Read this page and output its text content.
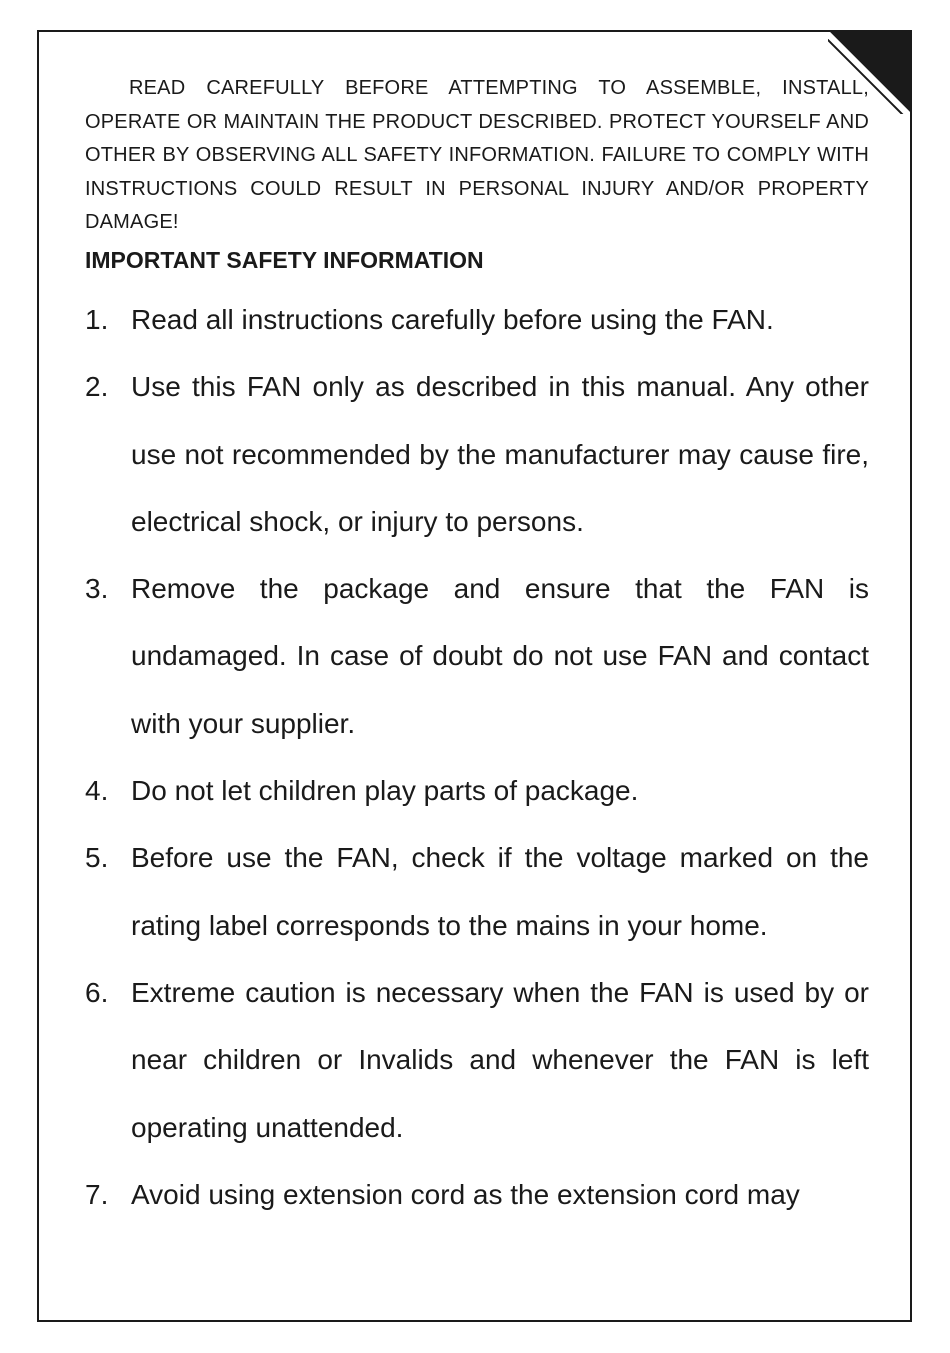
READ CAREFULLY BEFORE ATTEMPTING TO ASSEMBLE, INSTALL, OPERATE OR MAINTAIN THE PRODUCT DESCRIBED. PROTECT YOURSELF AND OTHER BY OBSERVING ALL SAFETY INFORMATION. FAILURE TO COMPLY WITH INSTRUCTIONS COULD RESULT IN PERSONAL INJURY AND/OR PROPERTY DAMAGE!

IMPORTANT SAFETY INFORMATION
1. Read all instructions carefully before using the FAN.
2. Use this FAN only as described in this manual. Any other use not recommended by the manufacturer may cause fire, electrical shock, or injury to persons.
3. Remove the package and ensure that the FAN is undamaged. In case of doubt do not use FAN and contact with your supplier.
4. Do not let children play parts of package.
5. Before use the FAN, check if the voltage marked on the rating label corresponds to the mains in your home.
6. Extreme caution is necessary when the FAN is used by or near children or Invalids and whenever the FAN is left operating unattended.
7. Avoid using extension cord as the extension cord may
